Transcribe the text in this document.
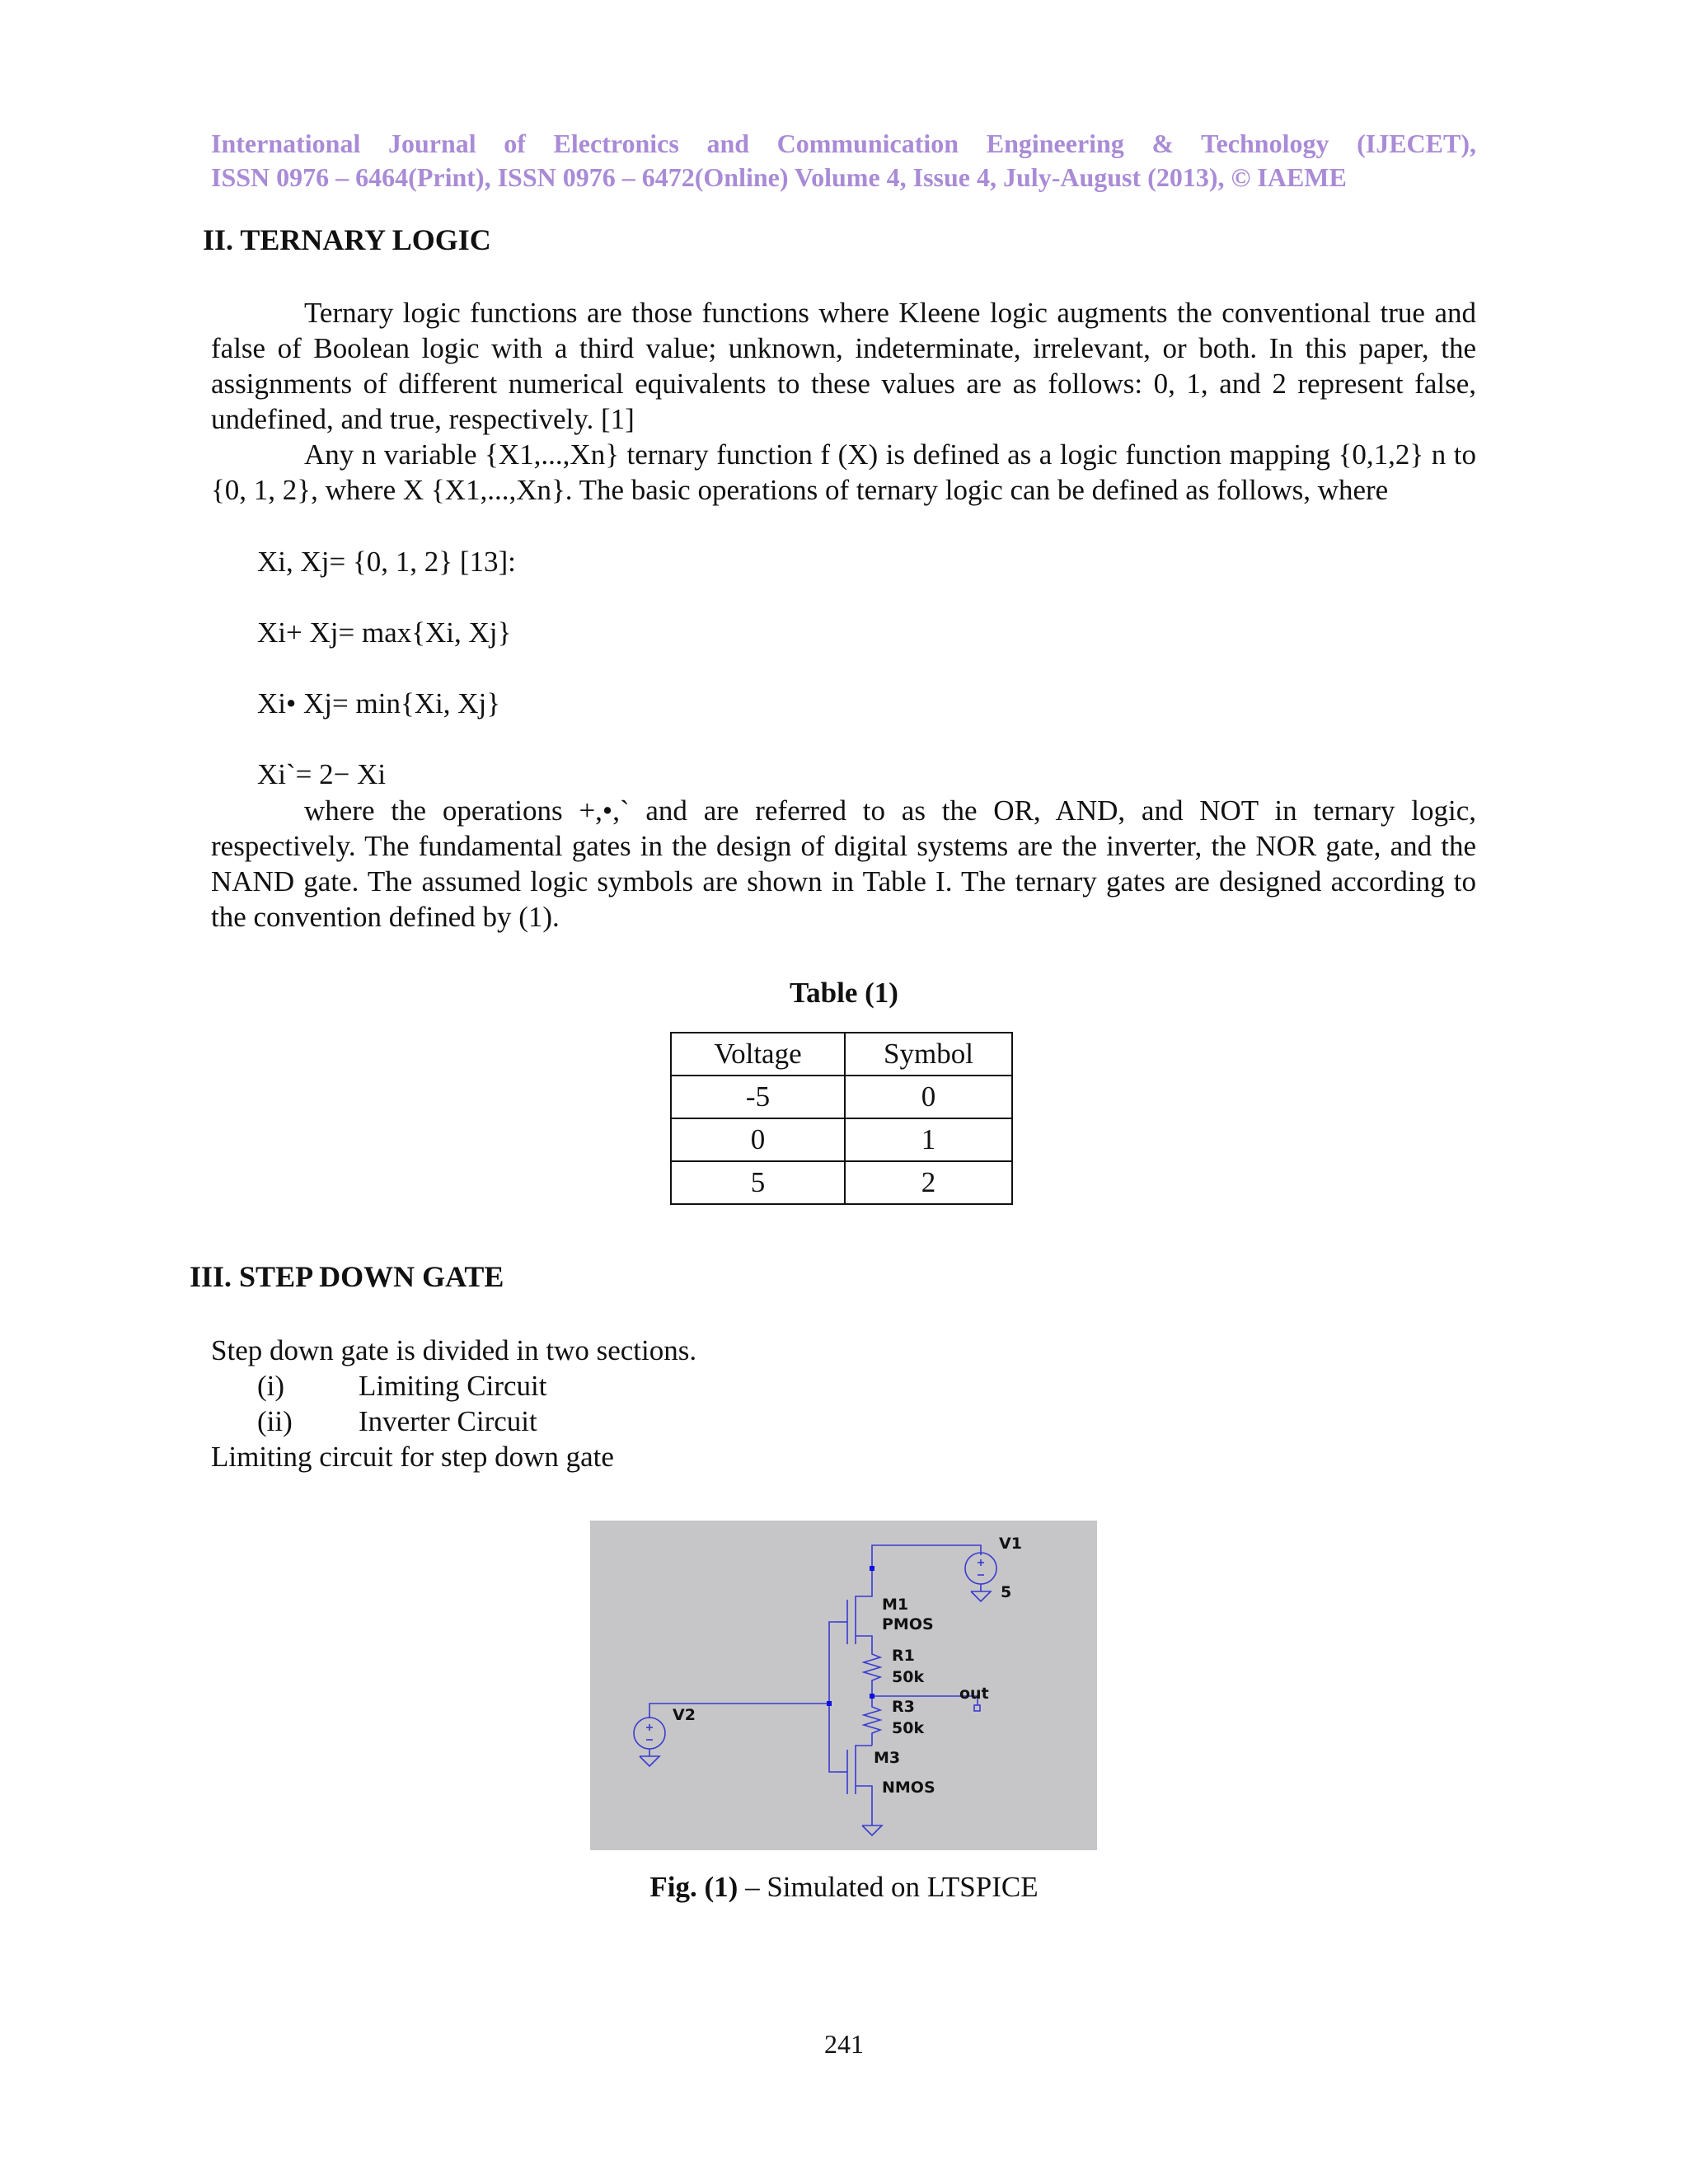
International Journal of Electronics and Communication Engineering & Technology (IJECET),
ISSN 0976 – 6464(Print), ISSN 0976 – 6472(Online) Volume 4, Issue 4, July-August (2013), © IAEME
II. TERNARY LOGIC

Ternary logic functions are those functions where Kleene logic augments the conventional true and false of Boolean logic with a third value; unknown, indeterminate, irrelevant, or both. In this paper, the assignments of different numerical equivalents to these values are as follows: 0, 1, and 2 represent false, undefined, and true, respectively. [1]

Any n variable {X1,...,Xn} ternary function f (X) is defined as a logic function mapping {0,1,2} n to {0, 1, 2}, where X {X1,...,Xn}. The basic operations of ternary logic can be defined as follows, where

Xi, Xj= {0, 1, 2} [13]:

Xi+ Xj= max{Xi, Xj}

Xi• Xj= min{Xi, Xj}

Xi`= 2− Xi

where the operations +,•,` and are referred to as the OR, AND, and NOT in ternary logic, respectively. The fundamental gates in the design of digital systems are the inverter, the NOR gate, and the NAND gate. The assumed logic symbols are shown in Table I. The ternary gates are designed according to the convention defined by (1).

Table (1)
Voltage	Symbol
-5	0
0	1
5	2
III. STEP DOWN GATE
Step down gate is divided in two sections.
(i)	Limiting Circuit
(ii)	Inverter Circuit
Limiting circuit for step down gate
V1
5
M1
PMOS
R1
50k
out
R3
50k
M3
NMOS
V2
Fig. (1) – Simulated on LTSPICE
241
